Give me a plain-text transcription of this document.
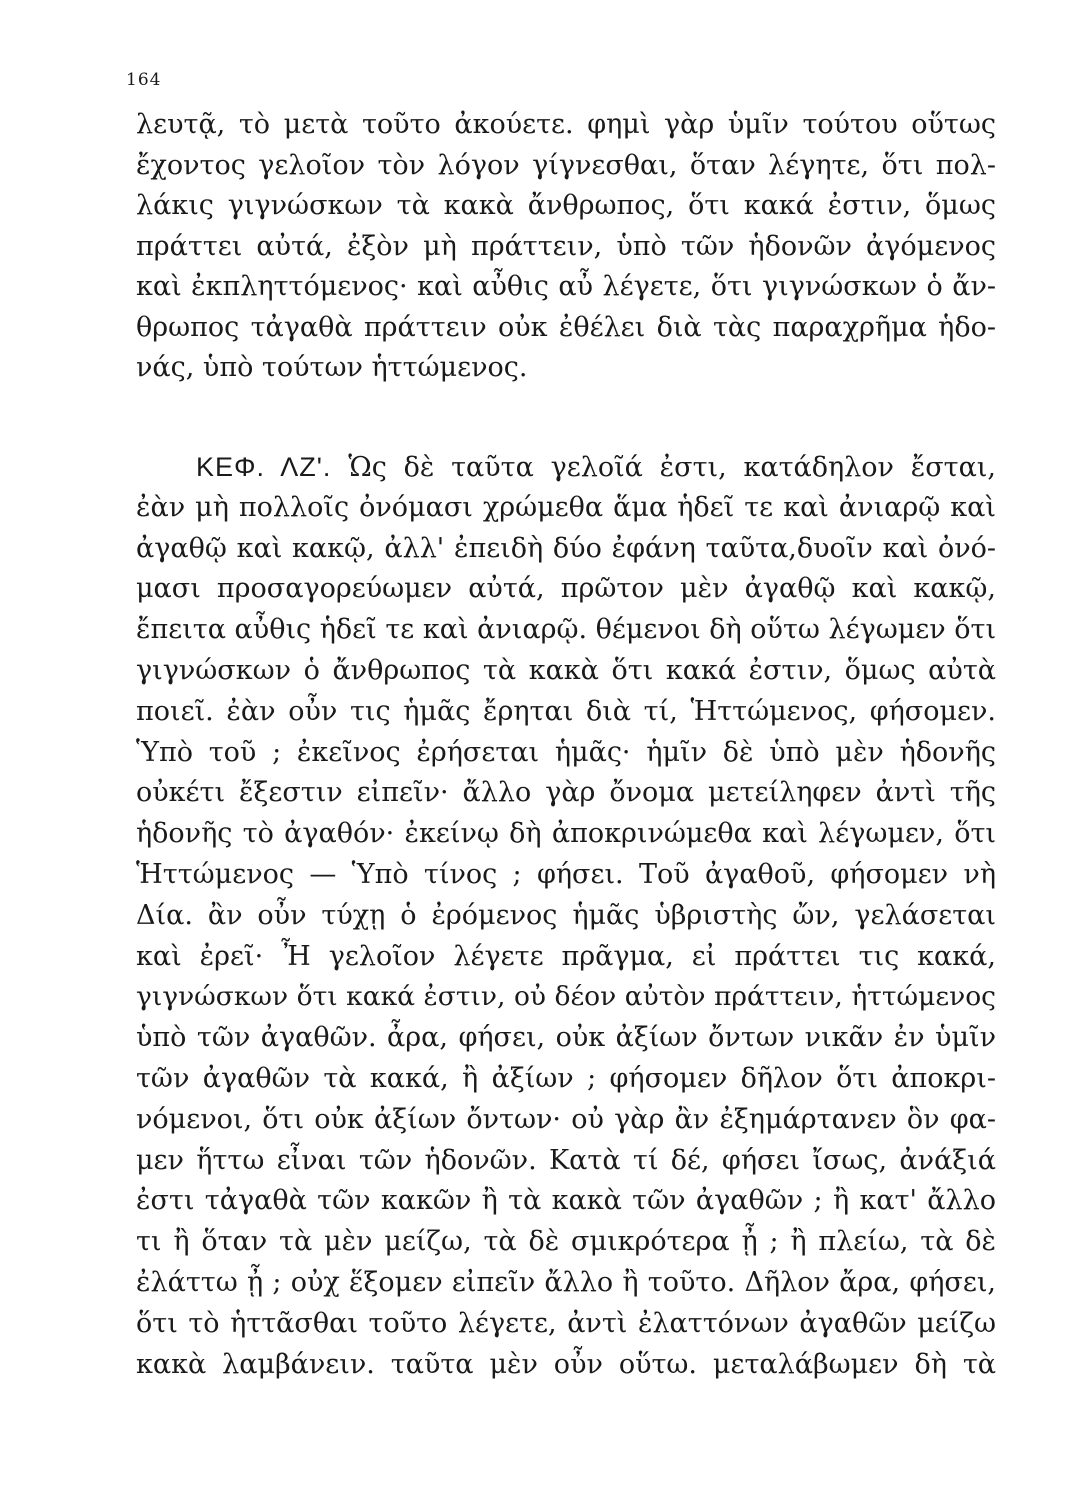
164
λευτᾷ, τὸ μετὰ τοῦτο ἀκούετε. φημὶ γὰρ ὑμῖν τούτου οὕτως
ἔχοντος γελοῖον τὸν λόγον γίγνεσθαι, ὅταν λέγητε, ὅτι πολ-
λάκις γιγνώσκων τὰ κακὰ ἄνθρωπος, ὅτι κακά ἐστιν, ὅμως
πράττει αὐτά, ἐξὸν μὴ πράττειν, ὑπὸ τῶν ἡδονῶν ἀγόμενος
καὶ ἐκπληττόμενος· καὶ αὖθις αὖ λέγετε, ὅτι γιγνώσκων ὁ ἄν-
θρωπος τἀγαθὰ πράττειν οὐκ ἐθέλει διὰ τὰς παραχρῆμα ἡδο-
νάς, ὑπὸ τούτων ἡττώμενος.
ΚΕΦ. ΛΖʹ. Ὡς δὲ ταῦτα γελοῖά ἐστι, κατάδηλον ἔσται,
ἐὰν μὴ πολλοῖς ὀνόμασι χρώμεθα ἅμα ἡδεῖ τε καὶ ἀνιαρῷ καὶ
ἀγαθῷ καὶ κακῷ, ἀλλ' ἐπειδὴ δύο ἐφάνη ταῦτα,δυοῖν καὶ ὀνό-
μασι προσαγορεύωμεν αὐτά, πρῶτον μὲν ἀγαθῷ καὶ κακῷ,
ἔπειτα αὖθις ἡδεῖ τε καὶ ἀνιαρῷ. θέμενοι δὴ οὕτω λέγωμεν ὅτι
γιγνώσκων ὁ ἄνθρωπος τὰ κακὰ ὅτι κακά ἐστιν, ὅμως αὐτὰ
ποιεῖ. ἐὰν οὖν τις ἡμᾶς ἔρηται διὰ τί, Ἡττώμενος, φήσομεν.
Ὑπὸ τοῦ ; ἐκεῖνος ἐρήσεται ἡμᾶς· ἡμῖν δὲ ὑπὸ μὲν ἡδονῆς
οὐκέτι ἔξεστιν εἰπεῖν· ἄλλο γὰρ ὄνομα μετείληφεν ἀντὶ τῆς
ἡδονῆς τὸ ἀγαθόν· ἐκείνῳ δὴ ἀποκρινώμεθα καὶ λέγωμεν, ὅτι
Ἡττώμενος — Ὑπὸ τίνος ; φήσει. Τοῦ ἀγαθοῦ, φήσομεν νὴ
Δία. ἂν οὖν τύχῃ ὁ ἐρόμενος ἡμᾶς ὑβριστὴς ὤν, γελάσεται
καὶ ἐρεῖ· Ἦ γελοῖον λέγετε πρᾶγμα, εἰ πράττει τις κακά,
γιγνώσκων ὅτι κακά ἐστιν, οὐ δέον αὐτὸν πράττειν, ἡττώμενος
ὑπὸ τῶν ἀγαθῶν. ἆρα, φήσει, οὐκ ἀξίων ὄντων νικᾶν ἐν ὑμῖν
τῶν ἀγαθῶν τὰ κακά, ἢ ἀξίων ; φήσομεν δῆλον ὅτι ἀποκρι-
νόμενοι, ὅτι οὐκ ἀξίων ὄντων· οὐ γὰρ ἂν ἐξημάρτανεν ὃν φα-
μεν ἥττω εἶναι τῶν ἡδονῶν. Κατὰ τί δέ, φήσει ἴσως, ἀνάξιά
ἐστι τἀγαθὰ τῶν κακῶν ἢ τὰ κακὰ τῶν ἀγαθῶν ; ἢ κατ' ἄλλο
τι ἢ ὅταν τὰ μὲν μείζω, τὰ δὲ σμικρότερα ᾖ ; ἢ πλείω, τὰ δὲ
ἐλάττω ᾖ ; οὐχ ἕξομεν εἰπεῖν ἄλλο ἢ τοῦτο. Δῆλον ἄρα, φήσει,
ὅτι τὸ ἡττᾶσθαι τοῦτο λέγετε, ἀντὶ ἐλαττόνων ἀγαθῶν μείζω
κακὰ λαμβάνειν. ταῦτα μὲν οὖν οὕτω. μεταλάβωμεν δὴ τὰ
